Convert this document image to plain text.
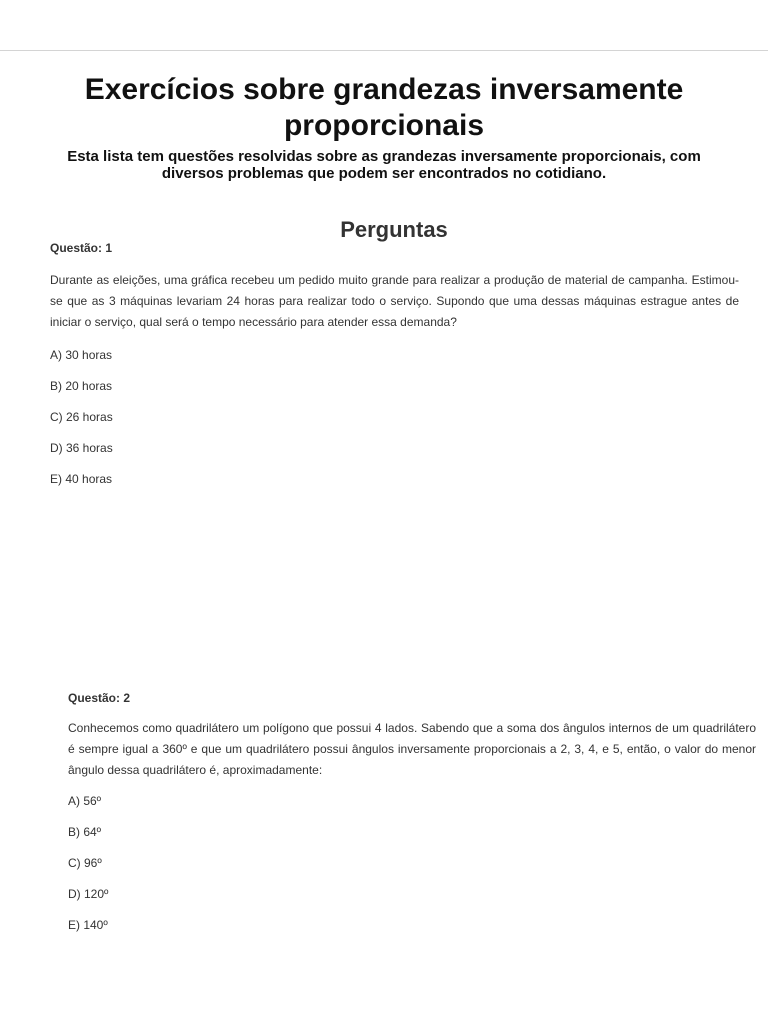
Exercícios sobre grandezas inversamente proporcionais

Esta lista tem questões resolvidas sobre as grandezas inversamente proporcionais, com diversos problemas que podem ser encontrados no cotidiano.

Perguntas

Questão: 1

Durante as eleições, uma gráfica recebeu um pedido muito grande para realizar a produção de material de campanha. Estimou-se que as 3 máquinas levariam 24 horas para realizar todo o serviço. Supondo que uma dessas máquinas estrague antes de iniciar o serviço, qual será o tempo necessário para atender essa demanda?

A) 30 horas
B) 20 horas
C) 26 horas
D) 36 horas
E) 40 horas

Questão: 2

Conhecemos como quadrilátero um polígono que possui 4 lados. Sabendo que a soma dos ângulos internos de um quadrilátero é sempre igual a 360º e que um quadrilátero possui ângulos inversamente proporcionais a 2, 3, 4, e 5, então, o valor do menor ângulo dessa quadrilátero é, aproximadamente:

A) 56º
B) 64º
C) 96º
D) 120º
E) 140º
